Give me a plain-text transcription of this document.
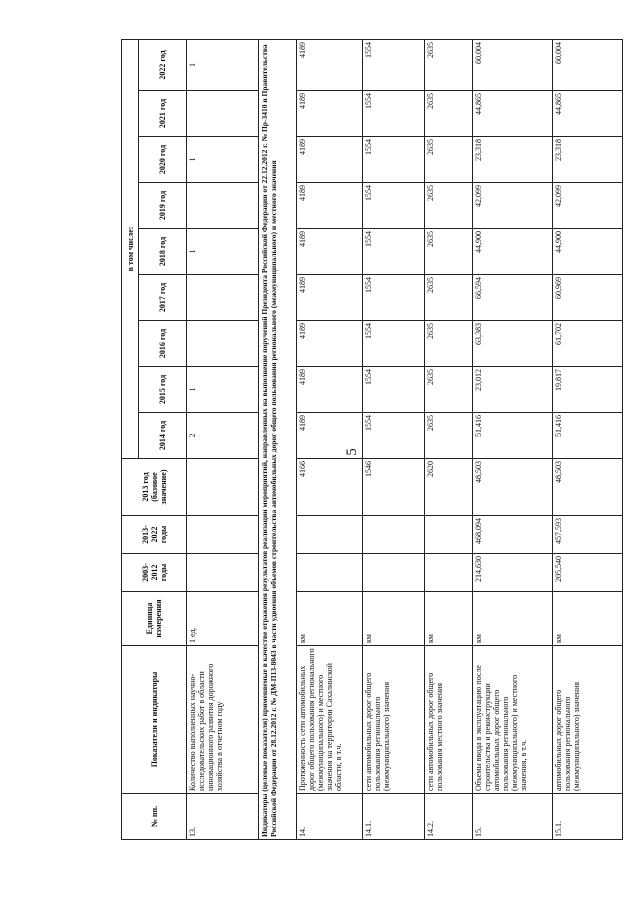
5
№ пп.	Показатели и индикаторы	Единица измерения	2003-2012 годы	2013-2022 годы	2013 год (базовое значение)	в том числе:								
						2014 год	2015 год	2016 год	2017 год	2018 год	2019 год	2020 год	2021 год	2022 год
13.	Количество выполненных научно-исследовательских работ в области инновационного развития дорожного хозяйства в отчетном году	1 ед.				2	1			1		1		1
Индикаторы (целевые показатели) применяемые в качестве отражения результатов реализации мероприятий, направленных на выполнение поручений Президента Российской Федерации от 22.12.2012 г. № Пр-3410 и Правительства Российской Федерации от 28.12.2012 г. № ДМ-П13-8043 в части удвоения объемов строительства автомобильных дорог общего пользования регионального (межмуниципального) и местного значения														
14.	Протяженность сети автомобильных дорог общего пользования регионального (межмуниципального) и местного значения на территории Сахалинской области, в т.ч.	км			4166	4189	4189	4189	4189	4189	4189	4189	4189	4189
14.1.	сети автомобильных дорог общего пользования регионального (межмуниципального) значения	км			1546	1554	1554	1554	1554	1554	1554	1554	1554	1554
14.2.	сети автомобильных дорог общего пользования местного значения	км			2620	2635	2635	2635	2635	2635	2635	2635	2635	2635
15.	Объемы ввода в эксплуатацию после строительства и реконструкции автомобильных дорог общего пользования регионального (межмуниципального) и местного значения, в т.ч.	км	214,630	468,094	48,503	51,416	23,012	63,383	66,594	44,900	42,099	23,318	44,865	60,004
15.1.	автомобильных дорог общего пользования регионального (межмуниципального) значения	км	205,540	457,593	48,503	51,416	19,817	61,702	60,969	44,900	42,099	23,318	44,865	60,004
